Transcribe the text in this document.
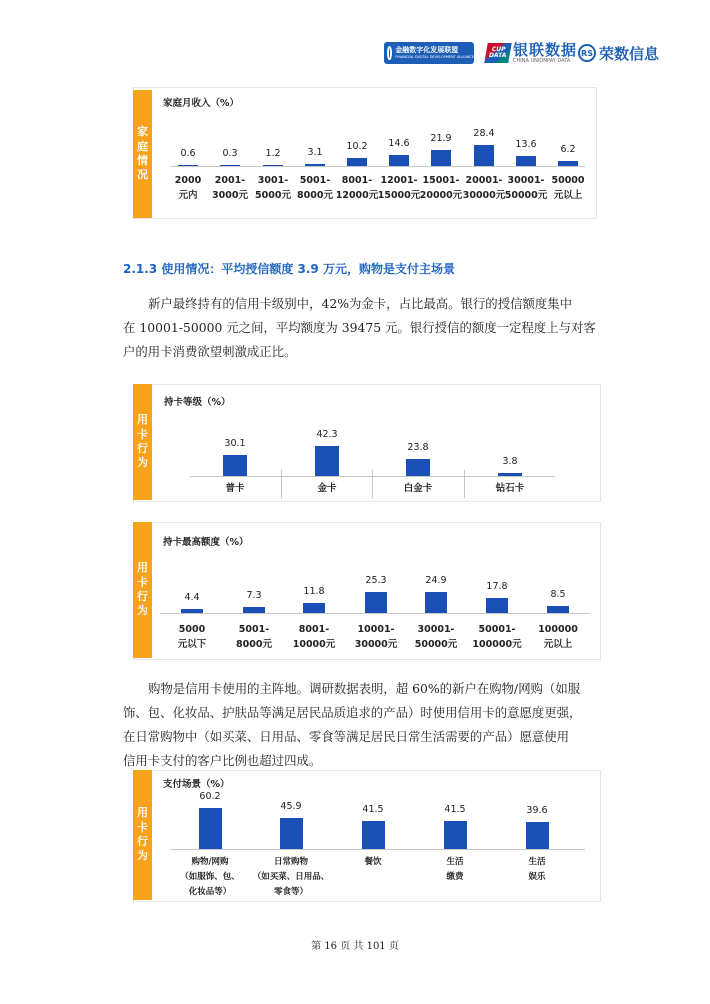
金融数字化发展联盟
FINANCIAL DIGITAL DEVELOPMENT ALLIANCE
CUP DATA 银联数据
CHINA UNIONPAY DATA
RS 荣数信息
家
庭
情
况
家庭月收入（%）
0.6
2000
元内
0.3
2001-
3000元
1.2
3001-
5000元
3.1
5001-
8000元
10.2
8001-
12000元
14.6
12001-
15000元
21.9
15001-
20000元
28.4
20001-
30000元
13.6
30001-
50000元
6.2
50000
元以上
2.1.3 使用情况：平均授信额度 3.9 万元，购物是支付主场景
新户最终持有的信用卡级别中，42%为金卡，占比最高。银行的授信额度集中
在 10001-50000 元之间，平均额度为 39475 元。银行授信的额度一定程度上与对客
户的用卡消费欲望刺激成正比。
用
卡
行
为
持卡等级（%）
30.1
普卡
42.3
金卡
23.8
白金卡
3.8
钻石卡
用
卡
行
为
持卡最高额度（%）
4.4
5000
元以下
7.3
5001-
8000元
11.8
8001-
10000元
25.3
10001-
30000元
24.9
30001-
50000元
17.8
50001-
100000元
8.5
100000
元以上
购物是信用卡使用的主阵地。调研数据表明，超 60%的新户在购物/网购（如服
饰、包、化妆品、护肤品等满足居民品质追求的产品）时使用信用卡的意愿度更强，
在日常购物中（如买菜、日用品、零食等满足居民日常生活需要的产品）愿意使用
信用卡支付的客户比例也超过四成。
用
卡
行
为
支付场景（%）
60.2
购物/网购
（如服饰、包、
化妆品等）
45.9
日常购物
（如买菜、日用品、
零食等）
41.5
餐饮
41.5
生活
缴费
39.6
生活
娱乐
第 16 页 共 101 页
